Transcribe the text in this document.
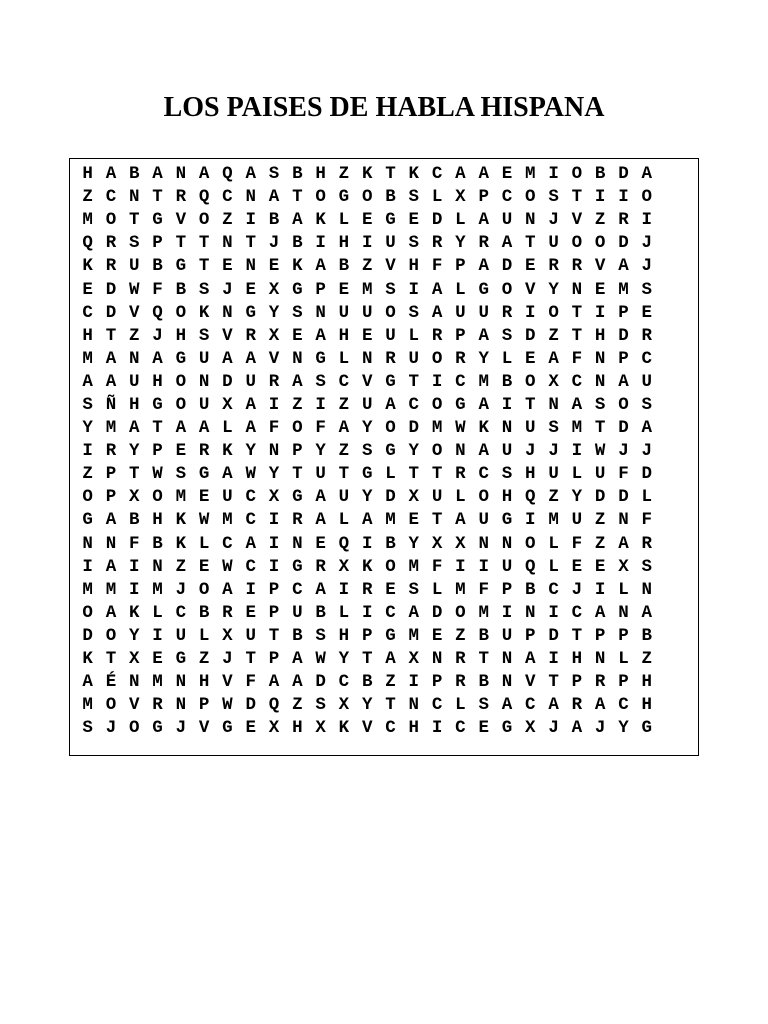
LOS PAISES DE HABLA HISPANA
H A B A N A Q A S B H Z K T K C A A E M I O B D A
Z C N T R Q C N A T O G O B S L X P C O S T I I O
M O T G V O Z I B A K L E G E D L A U N J V Z R I
Q R S P T T N T J B I H I U S R Y R A T U O O D J
K R U B G T E N E K A B Z V H F P A D E R R V A J
E D W F B S J E X G P E M S I A L G O V Y N E M S
C D V Q O K N G Y S N U U O S A U U R I O T I P E
H T Z J H S V R X E A H E U L R P A S D Z T H D R
M A N A G U A A V N G L N R U O R Y L E A F N P C
A A U H O N D U R A S C V G T I C M B O X C N A U
S Ñ H G O U X A I Z I Z U A C O G A I T N A S O S
Y M A T A A L A F O F A Y O D M W K N U S M T D A
I R Y P E R K Y N P Y Z S G Y O N A U J J I W J J
Z P T W S G A W Y T U T G L T T R C S H U L U F D
O P X O M E U C X G A U Y D X U L O H Q Z Y D D L
G A B H K W M C I R A L A M E T A U G I M U Z N F
N N F B K L C A I N E Q I B Y X X N N O L F Z A R
I A I N Z E W C I G R X K O M F I I U Q L E E X S
M M I M J O A I P C A I R E S L M F P B C J I L N
O A K L C B R E P U B L I C A D O M I N I C A N A
D O Y I U L X U T B S H P G M E Z B U P D T P P B
K T X E G Z J T P A W Y T A X N R T N A I H N L Z
A É N M N H V F A A D C B Z I P R B N V T P R P H
M O V R N P W D Q Z S X Y T N C L S A C A R A C H
S J O G J V G E X H X K V C H I C E G X J A J Y G
